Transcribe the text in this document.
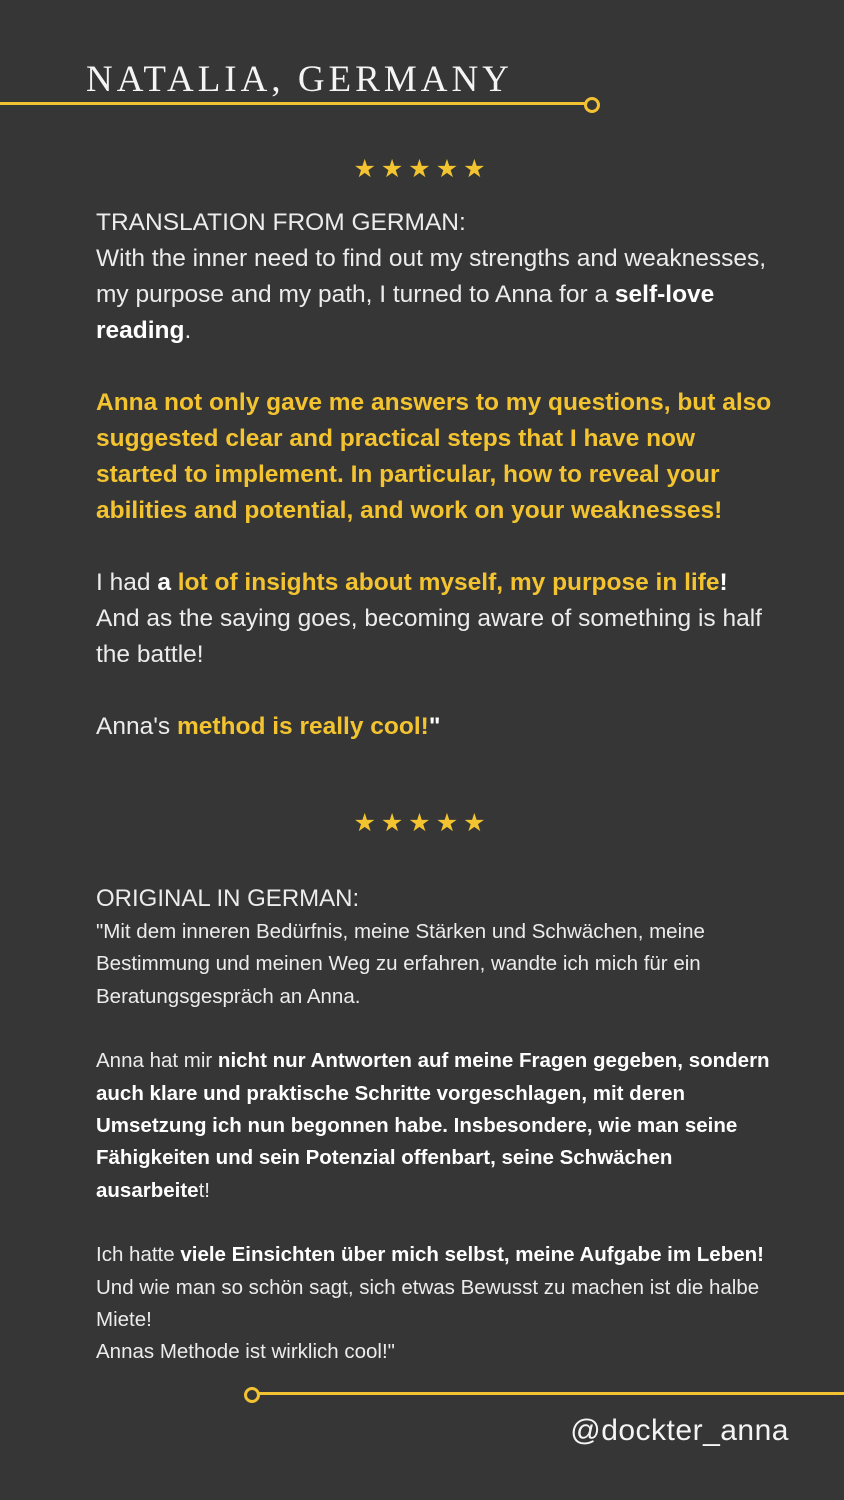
NATALIA, GERMANY
★★★★★

TRANSLATION FROM GERMAN:

With the inner need to find out my strengths and weaknesses, my purpose and my path, I turned to Anna for a self-love reading.

Anna not only gave me answers to my questions, but also suggested clear and practical steps that I have now started to implement. In particular, how to reveal your abilities and potential, and work on your weaknesses!

I had a lot of insights about myself, my purpose in life! And as the saying goes, becoming aware of something is half the battle!

Anna's method is really cool!"

★★★★★

ORIGINAL IN GERMAN:

"Mit dem inneren Bedürfnis, meine Stärken und Schwächen, meine Bestimmung und meinen Weg zu erfahren, wandte ich mich für ein Beratungsgespräch an Anna.

Anna hat mir nicht nur Antworten auf meine Fragen gegeben, sondern auch klare und praktische Schritte vorgeschlagen, mit deren Umsetzung ich nun begonnen habe. Insbesondere, wie man seine Fähigkeiten und sein Potenzial offenbart, seine Schwächen ausarbeitet!

Ich hatte viele Einsichten über mich selbst, meine Aufgabe im Leben! Und wie man so schön sagt, sich etwas Bewusst zu machen ist die halbe Miete!

Annas Methode ist wirklich cool!"

@dockter_anna
